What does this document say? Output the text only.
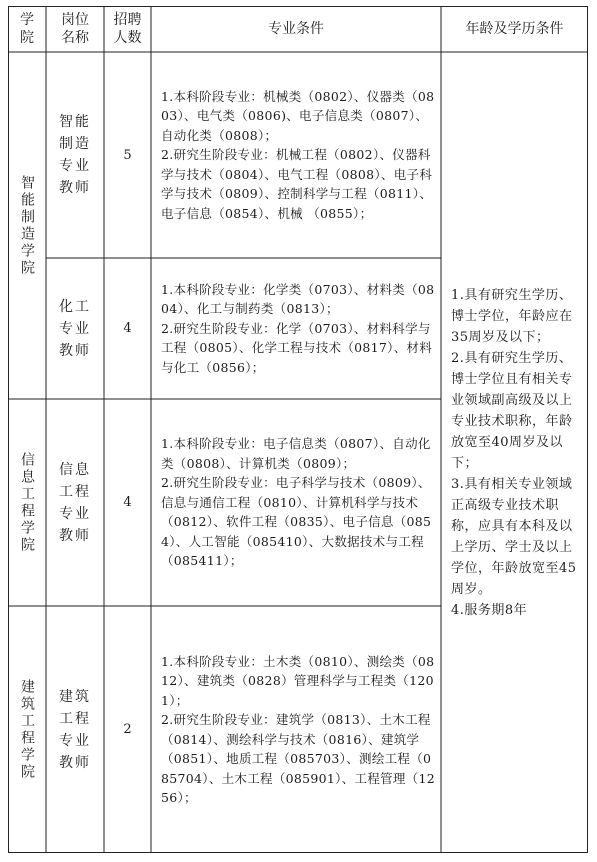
学院
岗位名称
招聘人数
专业条件	年龄及学历条件
智能制造学院
智能制造专业教师
5

1.本科阶段专业：机械类（0802）、仪器类（0803）、电气类（0806)、电子信息类（0807）、自动化类（0808）；

2.研究生阶段专业：机械工程（0802）、仪器科学与技术（0804）、电气工程（0808）、电子科学与技术（0809）、控制科学与工程（0811）、电子信息（0854）、机械 （0855）；

化工专业教师
4

1.本科阶段专业：化学类（0703）、材料类（0804）、化工与制药类（0813）；

2.研究生阶段专业：化学（0703）、材料科学与工程（0805）、化学工程与技术（0817）、材料与化工（0856）；

信息工程学院 信息工程专业教师
4

1.本科阶段专业：电子信息类（0807）、自动化类（0808）、计算机类（0809）；

2.研究生阶段专业：电子科学与技术（0809）、信息与通信工程（0810）、计算机科学与技术（0812）、软件工程（0835）、电子信息（0854）、人工智能（085410）、大数据技术与工程（085411）；

建筑工程学院 建筑工程专业教师
2

1.本科阶段专业：土木类（0810）、测绘类（0812）、建筑类（0828）管理科学与工程类（1201）；

2.研究生阶段专业：建筑学（0813）、土木工程（0814）、测绘科学与技术（0816）、建筑学（0851）、地质工程（085703）、测绘工程（085704）、土木工程（085901）、工程管理（1256）；

1.具有研究生学历、博士学位，年龄应在35周岁及以下；

2.具有研究生学历、博士学位且有相关专业领域副高级及以上专业技术职称，年龄放宽至40周岁及以下；

3.具有相关专业领域正高级专业技术职称，应具有本科及以上学历、学士及以上学位，年龄放宽至45周岁。

4.服务期8年
